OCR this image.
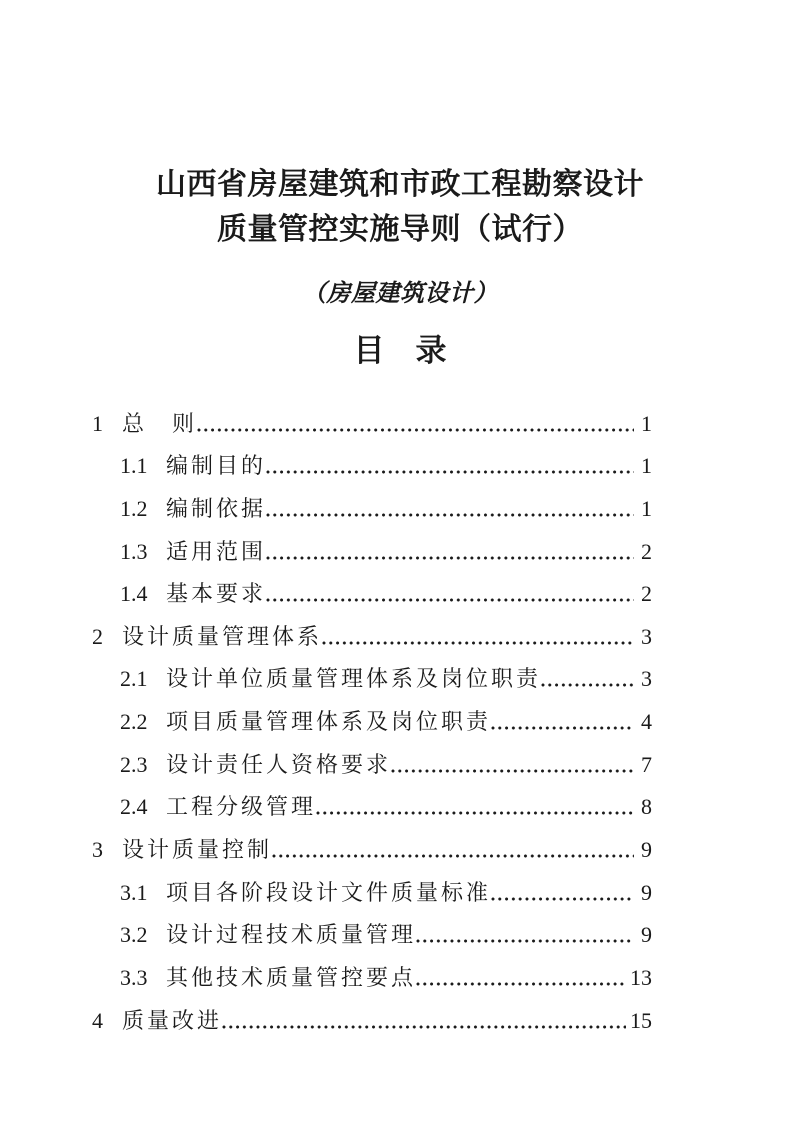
山西省房屋建筑和市政工程勘察设计
质量管控实施导则（试行）
（房屋建筑设计）
目　录
1 总　则	1
1.1 编制目的	1
1.2 编制依据	1
1.3 适用范围	2
1.4 基本要求	2
2 设计质量管理体系	3
2.1 设计单位质量管理体系及岗位职责	3
2.2 项目质量管理体系及岗位职责	4
2.3 设计责任人资格要求	7
2.4 工程分级管理	8
3 设计质量控制	9
3.1 项目各阶段设计文件质量标准	9
3.2 设计过程技术质量管理	9
3.3 其他技术质量管控要点	13
4 质量改进	15
